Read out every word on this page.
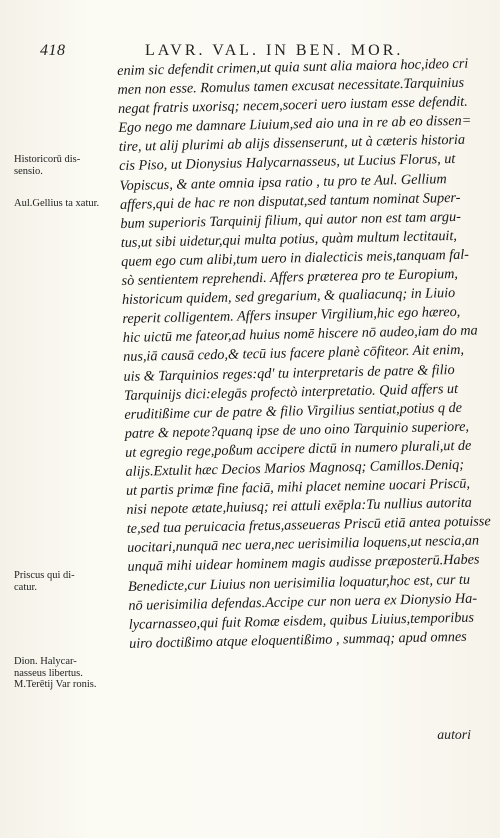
418	LAVR. VAL. IN BEN. MOR.
enim sic defendit crimen,ut quia sunt alia maiora hoc,ideo cri
men non esse. Romulus tamen excusat necessitate.Tarquinius
negat fratris uxorisq; necem,soceri uero iustam esse defendit.
Ego nego me damnare Liuium,sed aio una in re ab eo dissen=
tire, ut alij plurimi ab alijs dissenserunt, ut à cæteris historia
cis Piso, ut Dionysius Halycarnasseus, ut Lucius Florus, ut
Vopiscus, & ante omnia ipsa ratio , tu pro te Aul. Gellium
affers,qui de hac re non disputat,sed tantum nominat Super-
bum superioris Tarquinij filium, qui autor non est tam argu-
tus,ut sibi uidetur,qui multa potius, quàm multum lectitauit,
quem ego cum alibi,tum uero in dialecticis meis,tanquam fal-
sò sentientem reprehendi. Affers præterea pro te Europium,
historicum quidem, sed gregarium, & qualiacunq; in Liuio
reperit colligentem. Affers insuper Virgilium,hic ego hæreo,
hic uictū me fateor,ad huius nomē hiscere nō audeo,iam do ma
nus,iā causā cedo,& tecū ius facere planè cōfiteor. Ait enim,
uis & Tarquinios reges:qd' tu interpretaris de patre & filio
Tarquinijs dici:elegās profectò interpretatio. Quid affers ut
eruditißime cur de patre & filio Virgilius sentiat,potius q de
patre & nepote?quanq ipse de uno oino Tarquinio superiore,
ut egregio rege,poßum accipere dictū in numero plurali,ut de
alijs.Extulit hæc Decios Marios Magnosq; Camillos.Deniq;
ut partis primæ fine faciā, mihi placet nemine uocari Priscū,
nisi nepote ætate,huiusq; rei attuli exēpla:Tu nullius autorita
te,sed tua peruicacia fretus,asseueras Priscū etiā antea potuisse
uocitari,nunquā nec uera,nec uerisimilia loquens,ut nescia,an
unquā mihi uidear hominem magis audisse præposterū.Habes
Benedicte,cur Liuius non uerisimilia loquatur,hoc est, cur tu
nō uerisimilia defendas.Accipe cur non uera ex Dionysio Ha-
lycarnasseo,qui fuit Romæ eisdem, quibus Liuius,temporibus
uiro doctißimo atque eloquentißimo , summaq; apud omnes
Historicorū dis- sensio.
Aul.Gellius ta xatur.
Priscus qui di- catur.
Dion. Halycar- nasseus libertus. M.Terētij Var ronis.
autori
